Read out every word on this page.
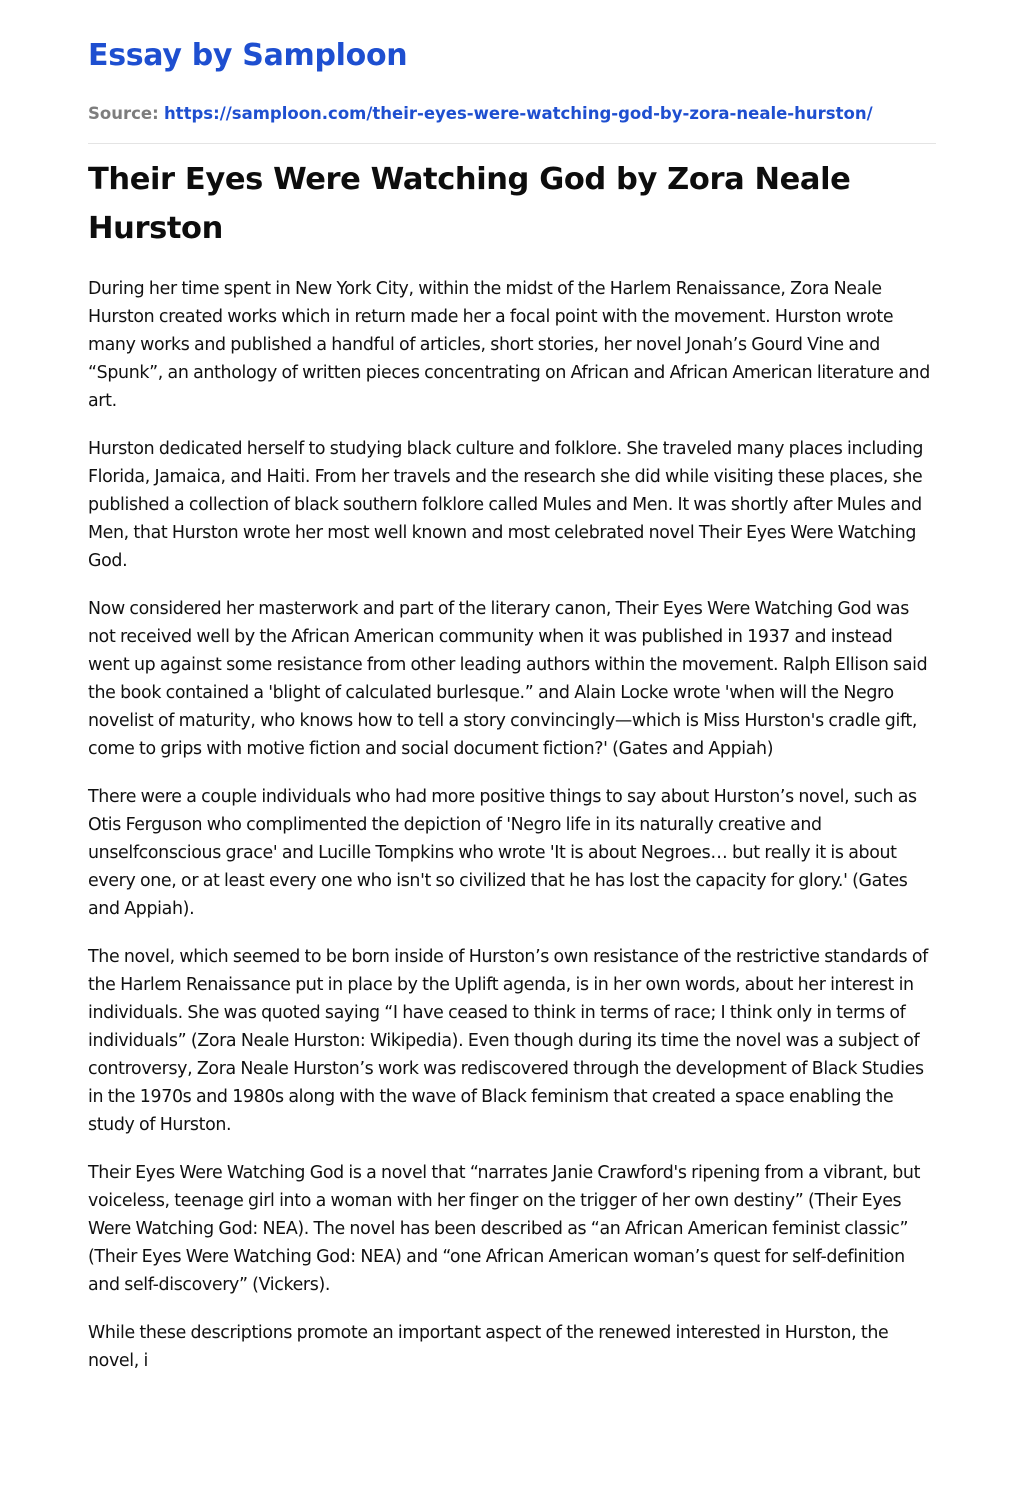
Essay by Samploon
Source: https://samploon.com/their-eyes-were-watching-god-by-zora-neale-hurston/
Their Eyes Were Watching God by Zora Neale Hurston

During her time spent in New York City, within the midst of the Harlem Renaissance, Zora Neale Hurston created works which in return made her a focal point with the movement. Hurston wrote many works and published a handful of articles, short stories, her novel Jonah’s Gourd Vine and “Spunk”, an anthology of written pieces concentrating on African and African American literature and art.

Hurston dedicated herself to studying black culture and folklore. She traveled many places including Florida, Jamaica, and Haiti. From her travels and the research she did while visiting these places, she published a collection of black southern folklore called Mules and Men. It was shortly after Mules and Men, that Hurston wrote her most well known and most celebrated novel Their Eyes Were Watching God.

Now considered her masterwork and part of the literary canon, Their Eyes Were Watching God was not received well by the African American community when it was published in 1937 and instead went up against some resistance from other leading authors within the movement. Ralph Ellison said the book contained a 'blight of calculated burlesque.” and Alain Locke wrote 'when will the Negro novelist of maturity, who knows how to tell a story convincingly—which is Miss Hurston's cradle gift, come to grips with motive fiction and social document fiction?' (Gates and Appiah)

There were a couple individuals who had more positive things to say about Hurston’s novel, such as Otis Ferguson who complimented the depiction of 'Negro life in its naturally creative and unselfconscious grace' and Lucille Tompkins who wrote 'It is about Negroes… but really it is about every one, or at least every one who isn't so civilized that he has lost the capacity for glory.' (Gates and Appiah).

The novel, which seemed to be born inside of Hurston’s own resistance of the restrictive standards of the Harlem Renaissance put in place by the Uplift agenda, is in her own words, about her interest in individuals. She was quoted saying “I have ceased to think in terms of race; I think only in terms of individuals” (Zora Neale Hurston: Wikipedia). Even though during its time the novel was a subject of controversy, Zora Neale Hurston’s work was rediscovered through the development of Black Studies in the 1970s and 1980s along with the wave of Black feminism that created a space enabling the study of Hurston.

Their Eyes Were Watching God is a novel that “narrates Janie Crawford's ripening from a vibrant, but voiceless, teenage girl into a woman with her finger on the trigger of her own destiny” (Their Eyes Were Watching God: NEA). The novel has been described as “an African American feminist classic” (Their Eyes Were Watching God: NEA) and “one African American woman’s quest for self-definition and self-discovery” (Vickers).

While these descriptions promote an important aspect of the renewed interested in Hurston, the novel, i
